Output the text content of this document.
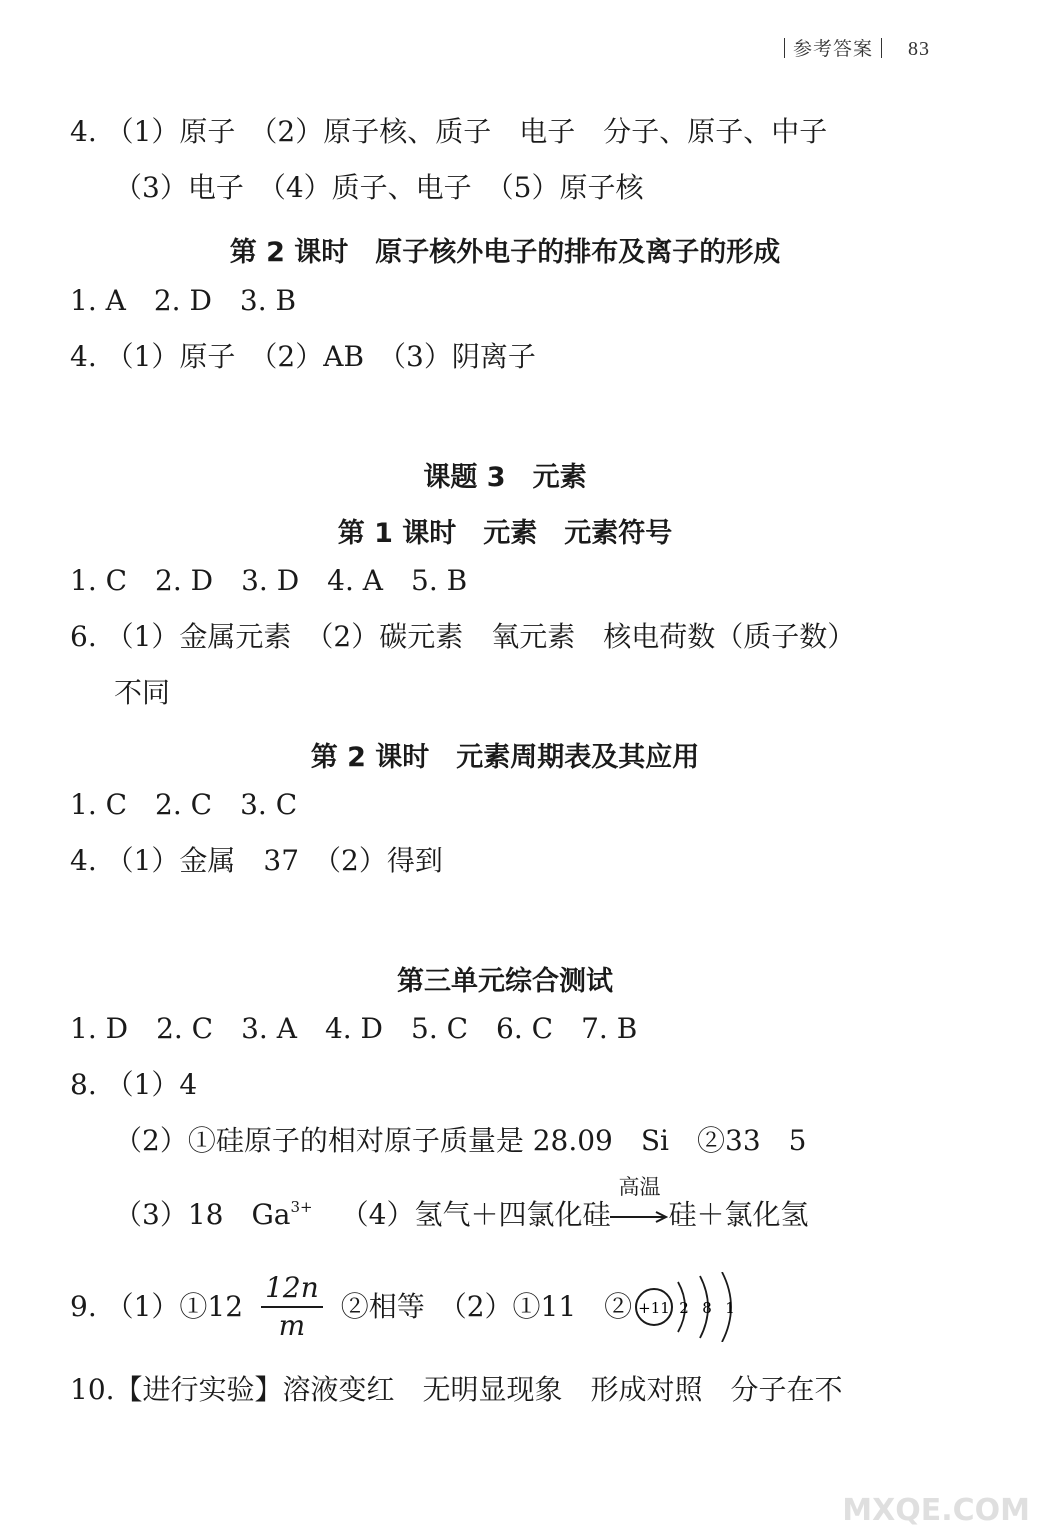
参考答案 83
4. （1）原子　（2）原子核、质子　电子　分子、原子、中子
（3）电子　（4）质子、电子　（5）原子核
第 2 课时　原子核外电子的排布及离子的形成
1. A　2. D　3. B
4. （1）原子　（2）AB　（3）阴离子
课题 3　元素
第 1 课时　元素　元素符号
1. C　2. D　3. D　4. A　5. B
6. （1）金属元素　（2）碳元素　氧元素　核电荷数（质子数）
不同
第 2 课时　元素周期表及其应用
1. C　2. C　3. C
4. （1）金属　37　（2）得到
第三单元综合测试
1. D　2. C　3. A　4. D　5. C　6. C　7. B
8. （1）4
（2）①硅原子的相对原子质量是 28.09　Si　②33　5
（3）18　$Ga^{3+}$ （4）氢气＋四氯化硅
高温
硅＋氯化氢
9. （1）①12 $\frac{12n}{m}$ ②相等　（2）①11　② +11 2 8 1
10.【进行实验】溶液变红　无明显现象　形成对照　分子在不
MXQE.COM
